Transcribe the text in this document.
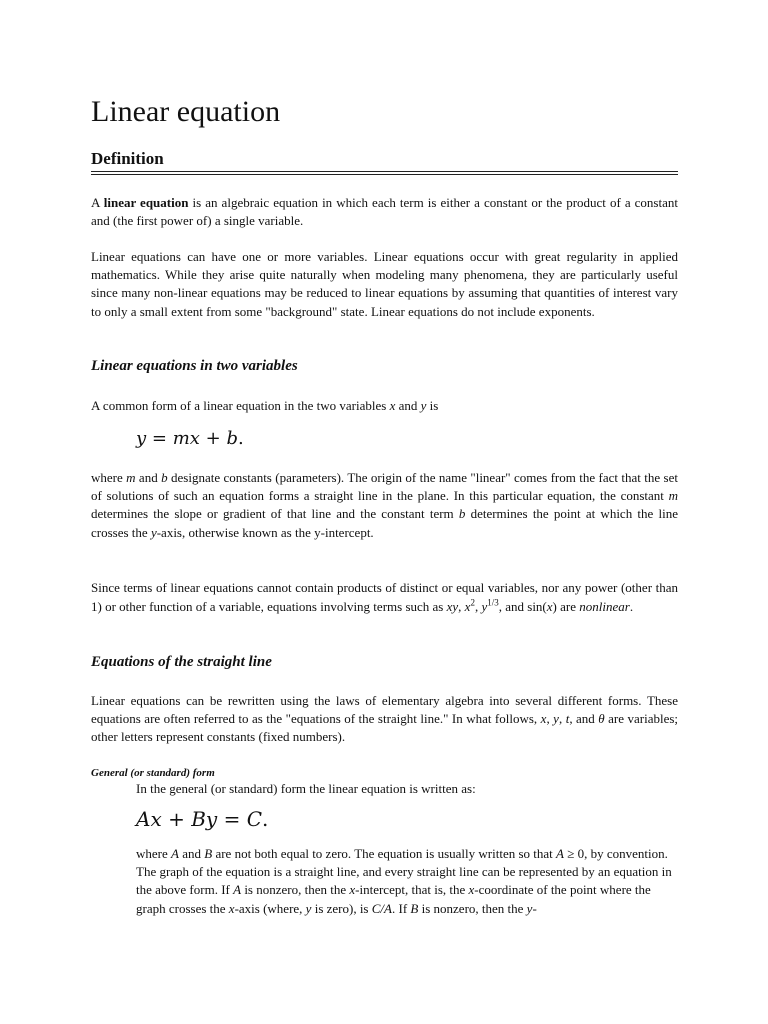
Linear equation
Definition

A linear equation is an algebraic equation in which each term is either a constant or the product of a constant and (the first power of) a single variable.

Linear equations can have one or more variables. Linear equations occur with great regularity in applied mathematics. While they arise quite naturally when modeling many phenomena, they are particularly useful since many non-linear equations may be reduced to linear equations by assuming that quantities of interest vary to only a small extent from some "background" state. Linear equations do not include exponents.

Linear equations in two variables

A common form of a linear equation in the two variables x and y is

y = mx + b.

where m and b designate constants (parameters). The origin of the name "linear" comes from the fact that the set of solutions of such an equation forms a straight line in the plane. In this particular equation, the constant m determines the slope or gradient of that line and the constant term b determines the point at which the line crosses the y-axis, otherwise known as the y-intercept.

Since terms of linear equations cannot contain products of distinct or equal variables, nor any power (other than 1) or other function of a variable, equations involving terms such as xy, $x^2$, $y^{1/3}$, and sin(x) are nonlinear.

Equations of the straight line

Linear equations can be rewritten using the laws of elementary algebra into several different forms. These equations are often referred to as the "equations of the straight line." In what follows, x, y, t, and θ are variables; other letters represent constants (fixed numbers).

General (or standard) form

In the general (or standard) form the linear equation is written as:

Ax + By = C.

where A and B are not both equal to zero. The equation is usually written so that A ≥ 0, by convention. The graph of the equation is a straight line, and every straight line can be represented by an equation in the above form. If A is nonzero, then the x-intercept, that is, the x-coordinate of the point where the graph crosses the x-axis (where, y is zero), is C/A. If B is nonzero, then the y-
